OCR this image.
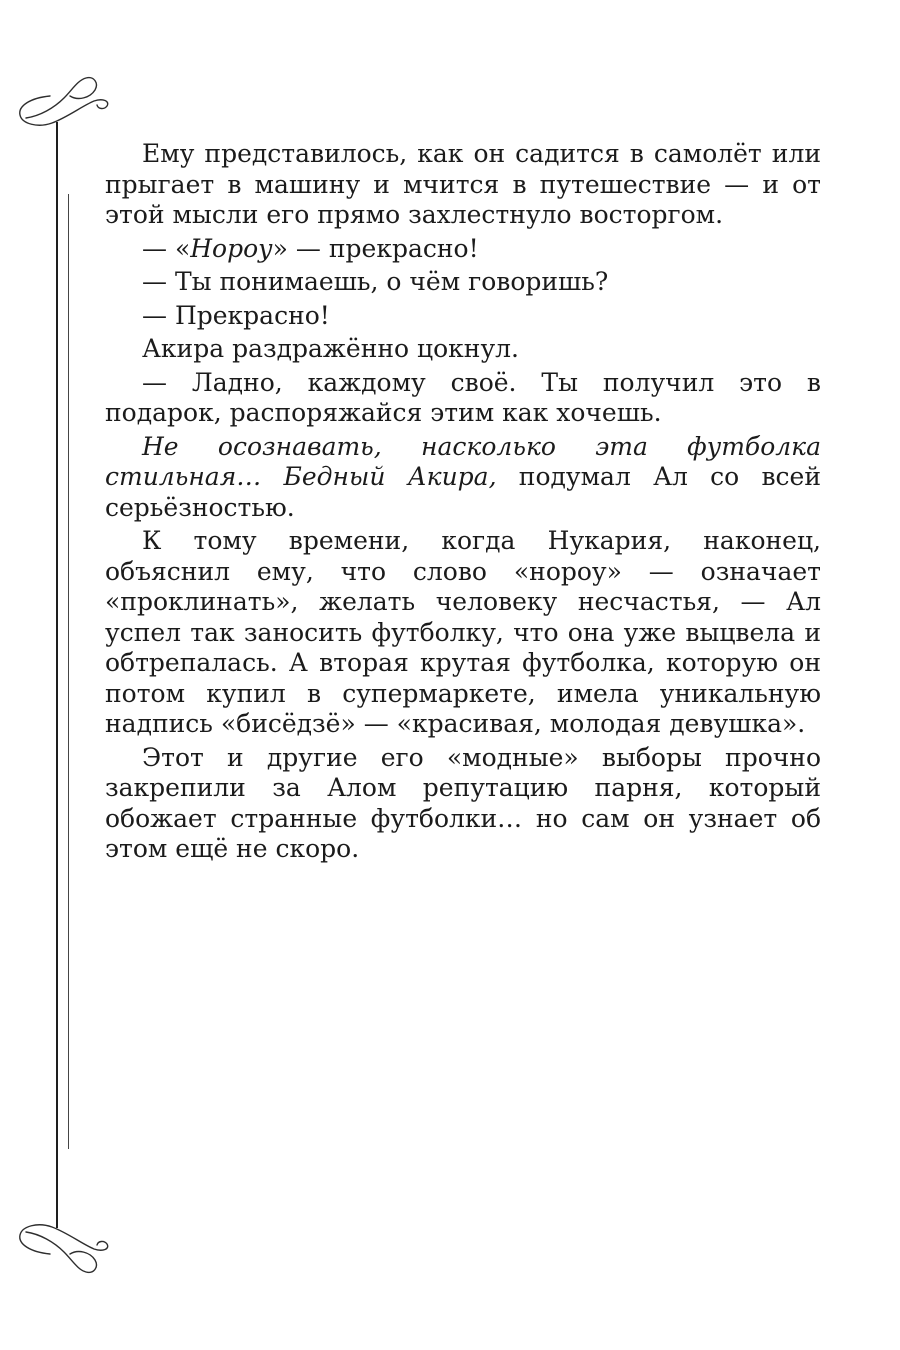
Ему представилось, как он садится в самолёт или прыгает в машину и мчится в путешествие — и от этой мысли его прямо захлестнуло восторгом.

— «Нороу» — прекрасно!

— Ты понимаешь, о чём говоришь?

— Прекрасно!

Акира раздражённо цокнул.

— Ладно, каждому своё. Ты получил это в подарок, распоряжайся этим как хочешь.

Не осознавать, насколько эта футболка стильная… Бедный Акира, подумал Ал со всей серьёзностью.

К тому времени, когда Нукария, наконец, объяснил ему, что слово «нороу» — означает «проклинать», желать человеку несчастья, — Ал успел так заносить футболку, что она уже выцвела и обтрепалась. А вторая крутая футболка, которую он потом купил в супермаркете, имела уникальную надпись «бисёдзё» — «красивая, молодая девушка».

Этот и другие его «модные» выборы прочно закрепили за Алом репутацию парня, который обожает странные футболки… но сам он узнает об этом ещё не скоро.
